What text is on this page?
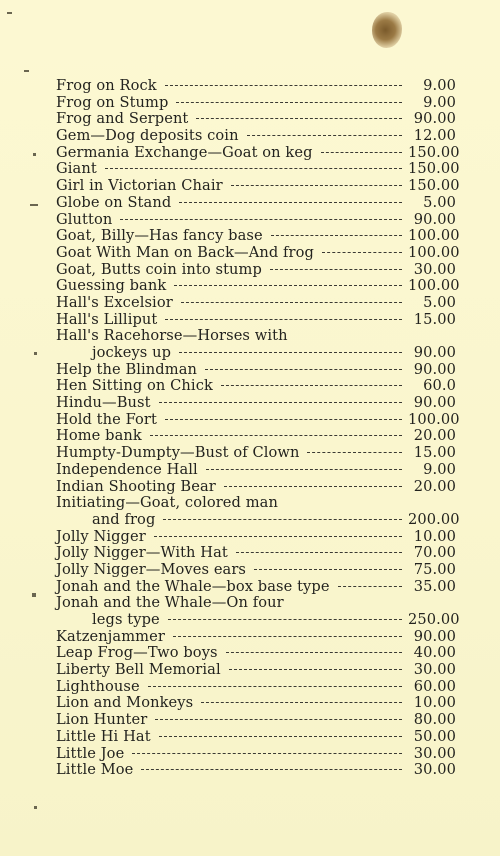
Frog on Rock	9.00
Frog on Stump	9.00
Frog and Serpent	90.00
Gem—Dog deposits coin	12.00
Germania Exchange—Goat on keg	150.00
Giant	150.00
Girl in Victorian Chair	150.00
Globe on Stand	5.00
Glutton	90.00
Goat, Billy—Has fancy base	100.00
Goat With Man on Back—And frog	100.00
Goat, Butts coin into stump	30.00
Guessing bank	100.00
Hall's Excelsior	5.00
Hall's Lilliput	15.00
Hall's Racehorse—Horses with
jockeys up	90.00
Help the Blindman	90.00
Hen Sitting on Chick	60.0
Hindu—Bust	90.00
Hold the Fort	100.00
Home bank	20.00
Humpty-Dumpty—Bust of Clown	15.00
Independence Hall	9.00
Indian Shooting Bear	20.00
Initiating—Goat, colored man
and frog	200.00
Jolly Nigger	10.00
Jolly Nigger—With Hat	70.00
Jolly Nigger—Moves ears	75.00
Jonah and the Whale—box base type	35.00
Jonah and the Whale—On four
legs type	250.00
Katzenjammer	90.00
Leap Frog—Two boys	40.00
Liberty Bell Memorial	30.00
Lighthouse	60.00
Lion and Monkeys	10.00
Lion Hunter	80.00
Little Hi Hat	50.00
Little Joe	30.00
Little Moe	30.00
